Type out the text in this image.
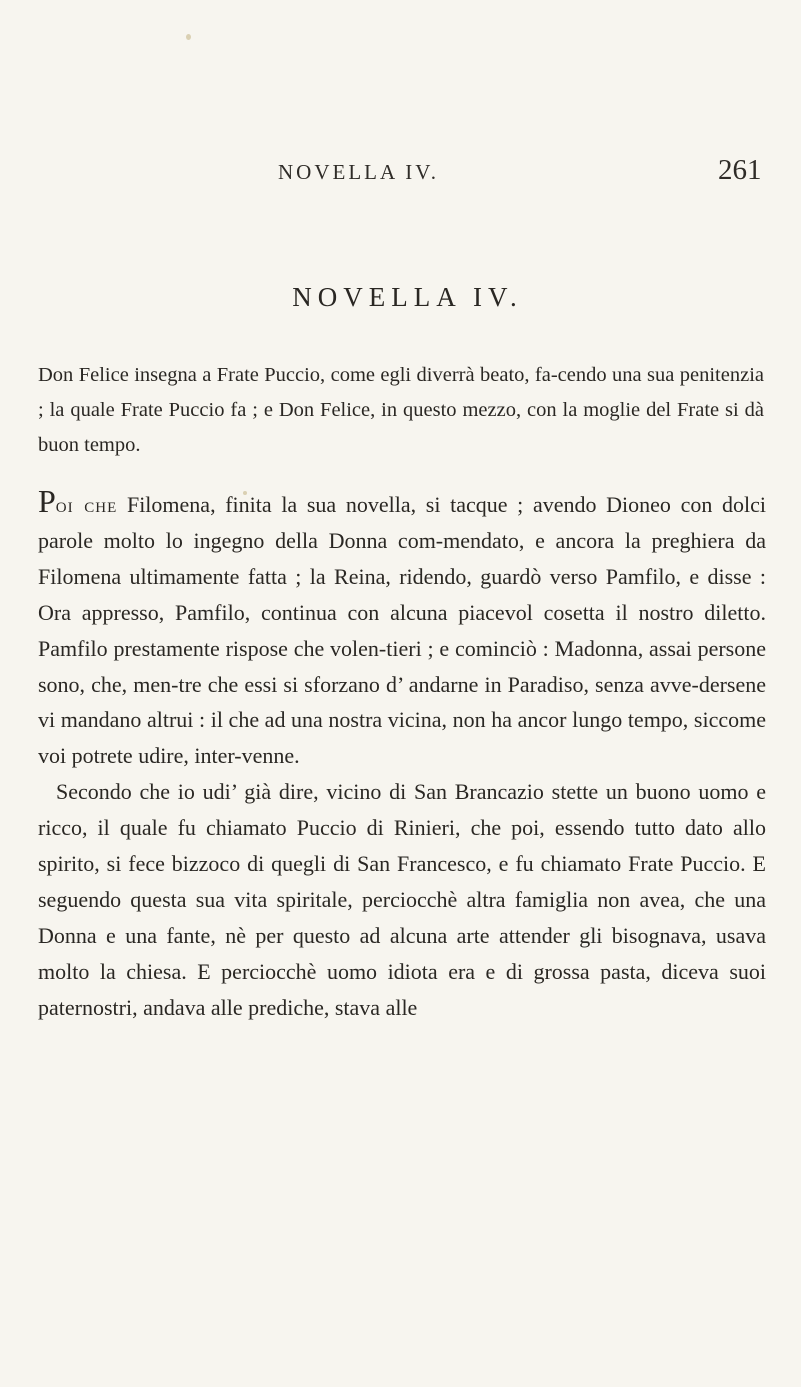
NOVELLA IV.	261
NOVELLA IV.

Don Felice insegna a Frate Puccio, come egli diverrà beato, fa-cendo una sua penitenzia ; la quale Frate Puccio fa ; e Don Felice, in questo mezzo, con la moglie del Frate si dà buon tempo.

Poi che Filomena, finita la sua novella, si tacque ; avendo Dioneo con dolci parole molto lo ingegno della Donna com-mendato, e ancora la preghiera da Filomena ultimamente fatta ; la Reina, ridendo, guardò verso Pamfilo, e disse : Ora appresso, Pamfilo, continua con alcuna piacevol cosetta il nostro diletto. Pamfilo prestamente rispose che volen-tieri ; e cominciò : Madonna, assai persone sono, che, men-tre che essi si sforzano d’ andarne in Paradiso, senza avve-dersene vi mandano altrui : il che ad una nostra vicina, non ha ancor lungo tempo, siccome voi potrete udire, inter-venne.

Secondo che io udi’ già dire, vicino di San Brancazio stette un buono uomo e ricco, il quale fu chiamato Puccio di Rinieri, che poi, essendo tutto dato allo spirito, si fece bizzoco di quegli di San Francesco, e fu chiamato Frate Puccio. E seguendo questa sua vita spiritale, perciocchè altra famiglia non avea, che una Donna e una fante, nè per questo ad alcuna arte attender gli bisognava, usava molto la chiesa. E perciocchè uomo idiota era e di grossa pasta, diceva suoi paternostri, andava alle prediche, stava alle
